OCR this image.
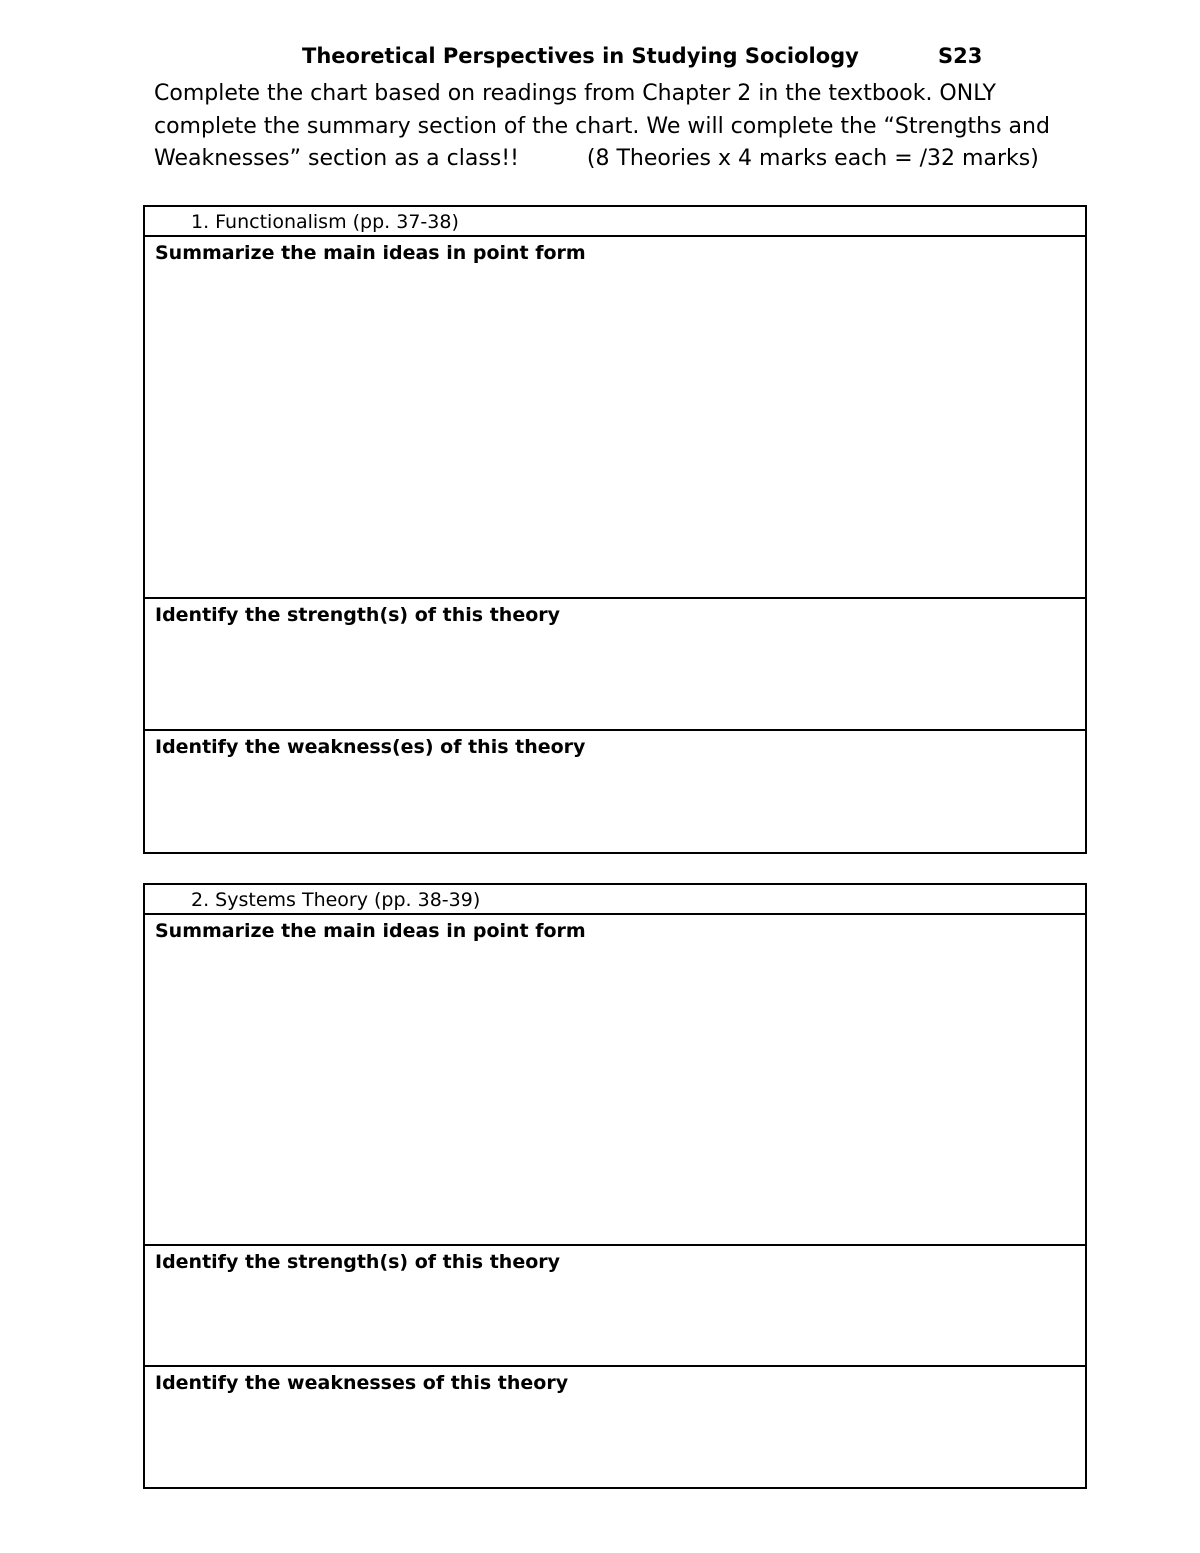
Theoretical Perspectives in Studying Sociology	S23
Complete the chart based on readings from Chapter 2 in the textbook. ONLY
complete the summary section of the chart. We will complete the “Strengths and
Weaknesses” section as a class!!	(8 Theories x 4 marks each = /32 marks)
1. Functionalism (pp. 37-38)
Summarize the main ideas in point form
Identify the strength(s) of this theory
Identify the weakness(es) of this theory
2. Systems Theory (pp. 38-39)
Summarize the main ideas in point form
Identify the strength(s) of this theory
Identify the weaknesses of this theory
